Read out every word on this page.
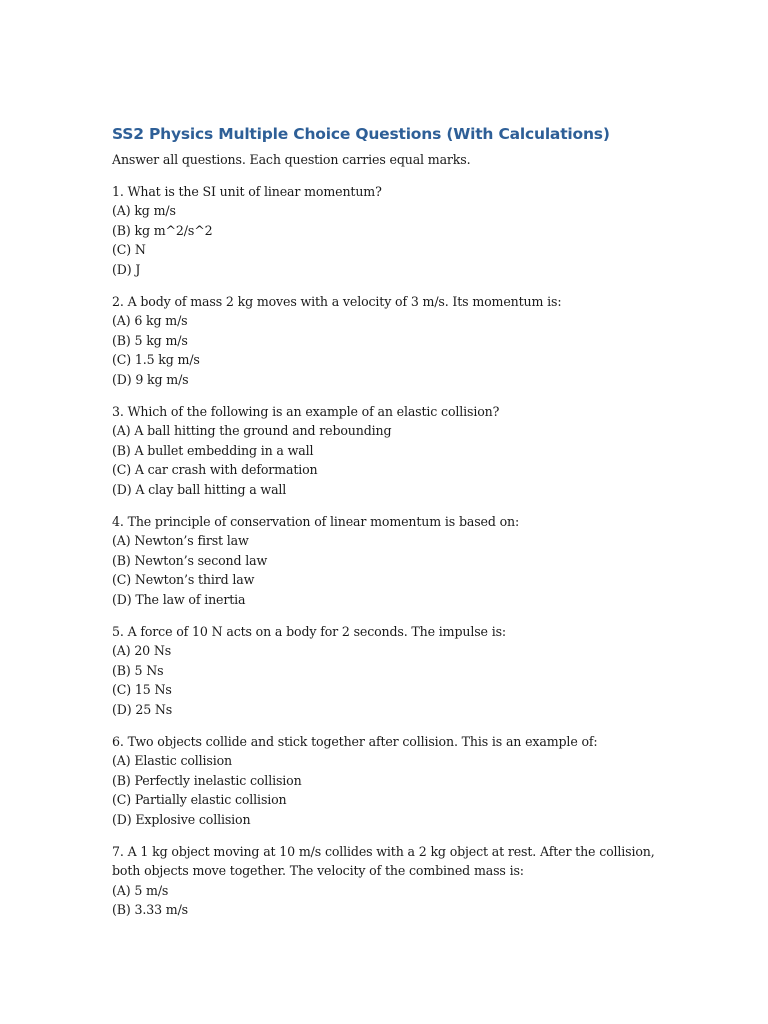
SS2 Physics Multiple Choice Questions (With Calculations)

Answer all questions. Each question carries equal marks.

1. What is the SI unit of linear momentum?

(A) kg m/s

(B) kg m^2/s^2

(C) N

(D) J

2. A body of mass 2 kg moves with a velocity of 3 m/s. Its momentum is:

(A) 6 kg m/s

(B) 5 kg m/s

(C) 1.5 kg m/s

(D) 9 kg m/s

3. Which of the following is an example of an elastic collision?

(A) A ball hitting the ground and rebounding

(B) A bullet embedding in a wall

(C) A car crash with deformation

(D) A clay ball hitting a wall

4. The principle of conservation of linear momentum is based on:

(A) Newton’s first law

(B) Newton’s second law

(C) Newton’s third law

(D) The law of inertia

5. A force of 10 N acts on a body for 2 seconds. The impulse is:

(A) 20 Ns

(B) 5 Ns

(C) 15 Ns

(D) 25 Ns

6. Two objects collide and stick together after collision. This is an example of:

(A) Elastic collision

(B) Perfectly inelastic collision

(C) Partially elastic collision

(D) Explosive collision

7. A 1 kg object moving at 10 m/s collides with a 2 kg object at rest. After the collision, both objects move together. The velocity of the combined mass is:

(A) 5 m/s

(B) 3.33 m/s
